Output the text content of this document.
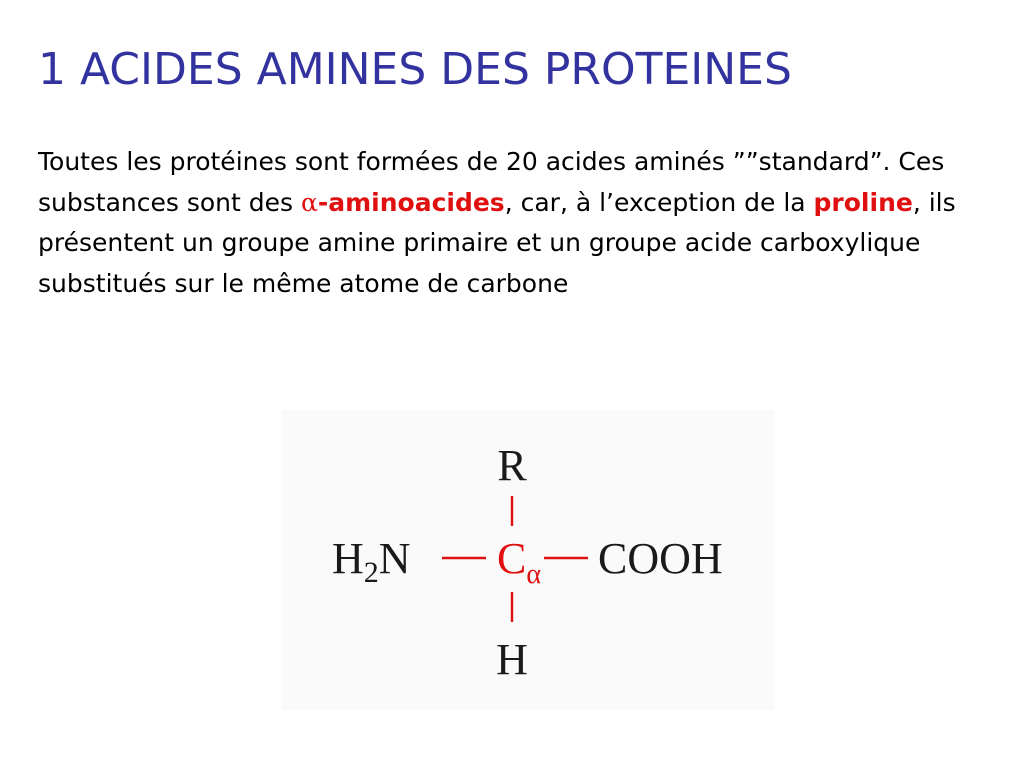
1 ACIDES AMINES DES PROTEINES

Toutes les protéines sont formées de 20 acides aminés ””standard”. Ces substances sont des α-aminoacides, car, à l’exception de la proline, ils présentent un groupe amine primaire et un groupe acide carboxylique substitués sur le même atome de carbone

R
$H_2N$ $C_\alpha$ COOH
H
